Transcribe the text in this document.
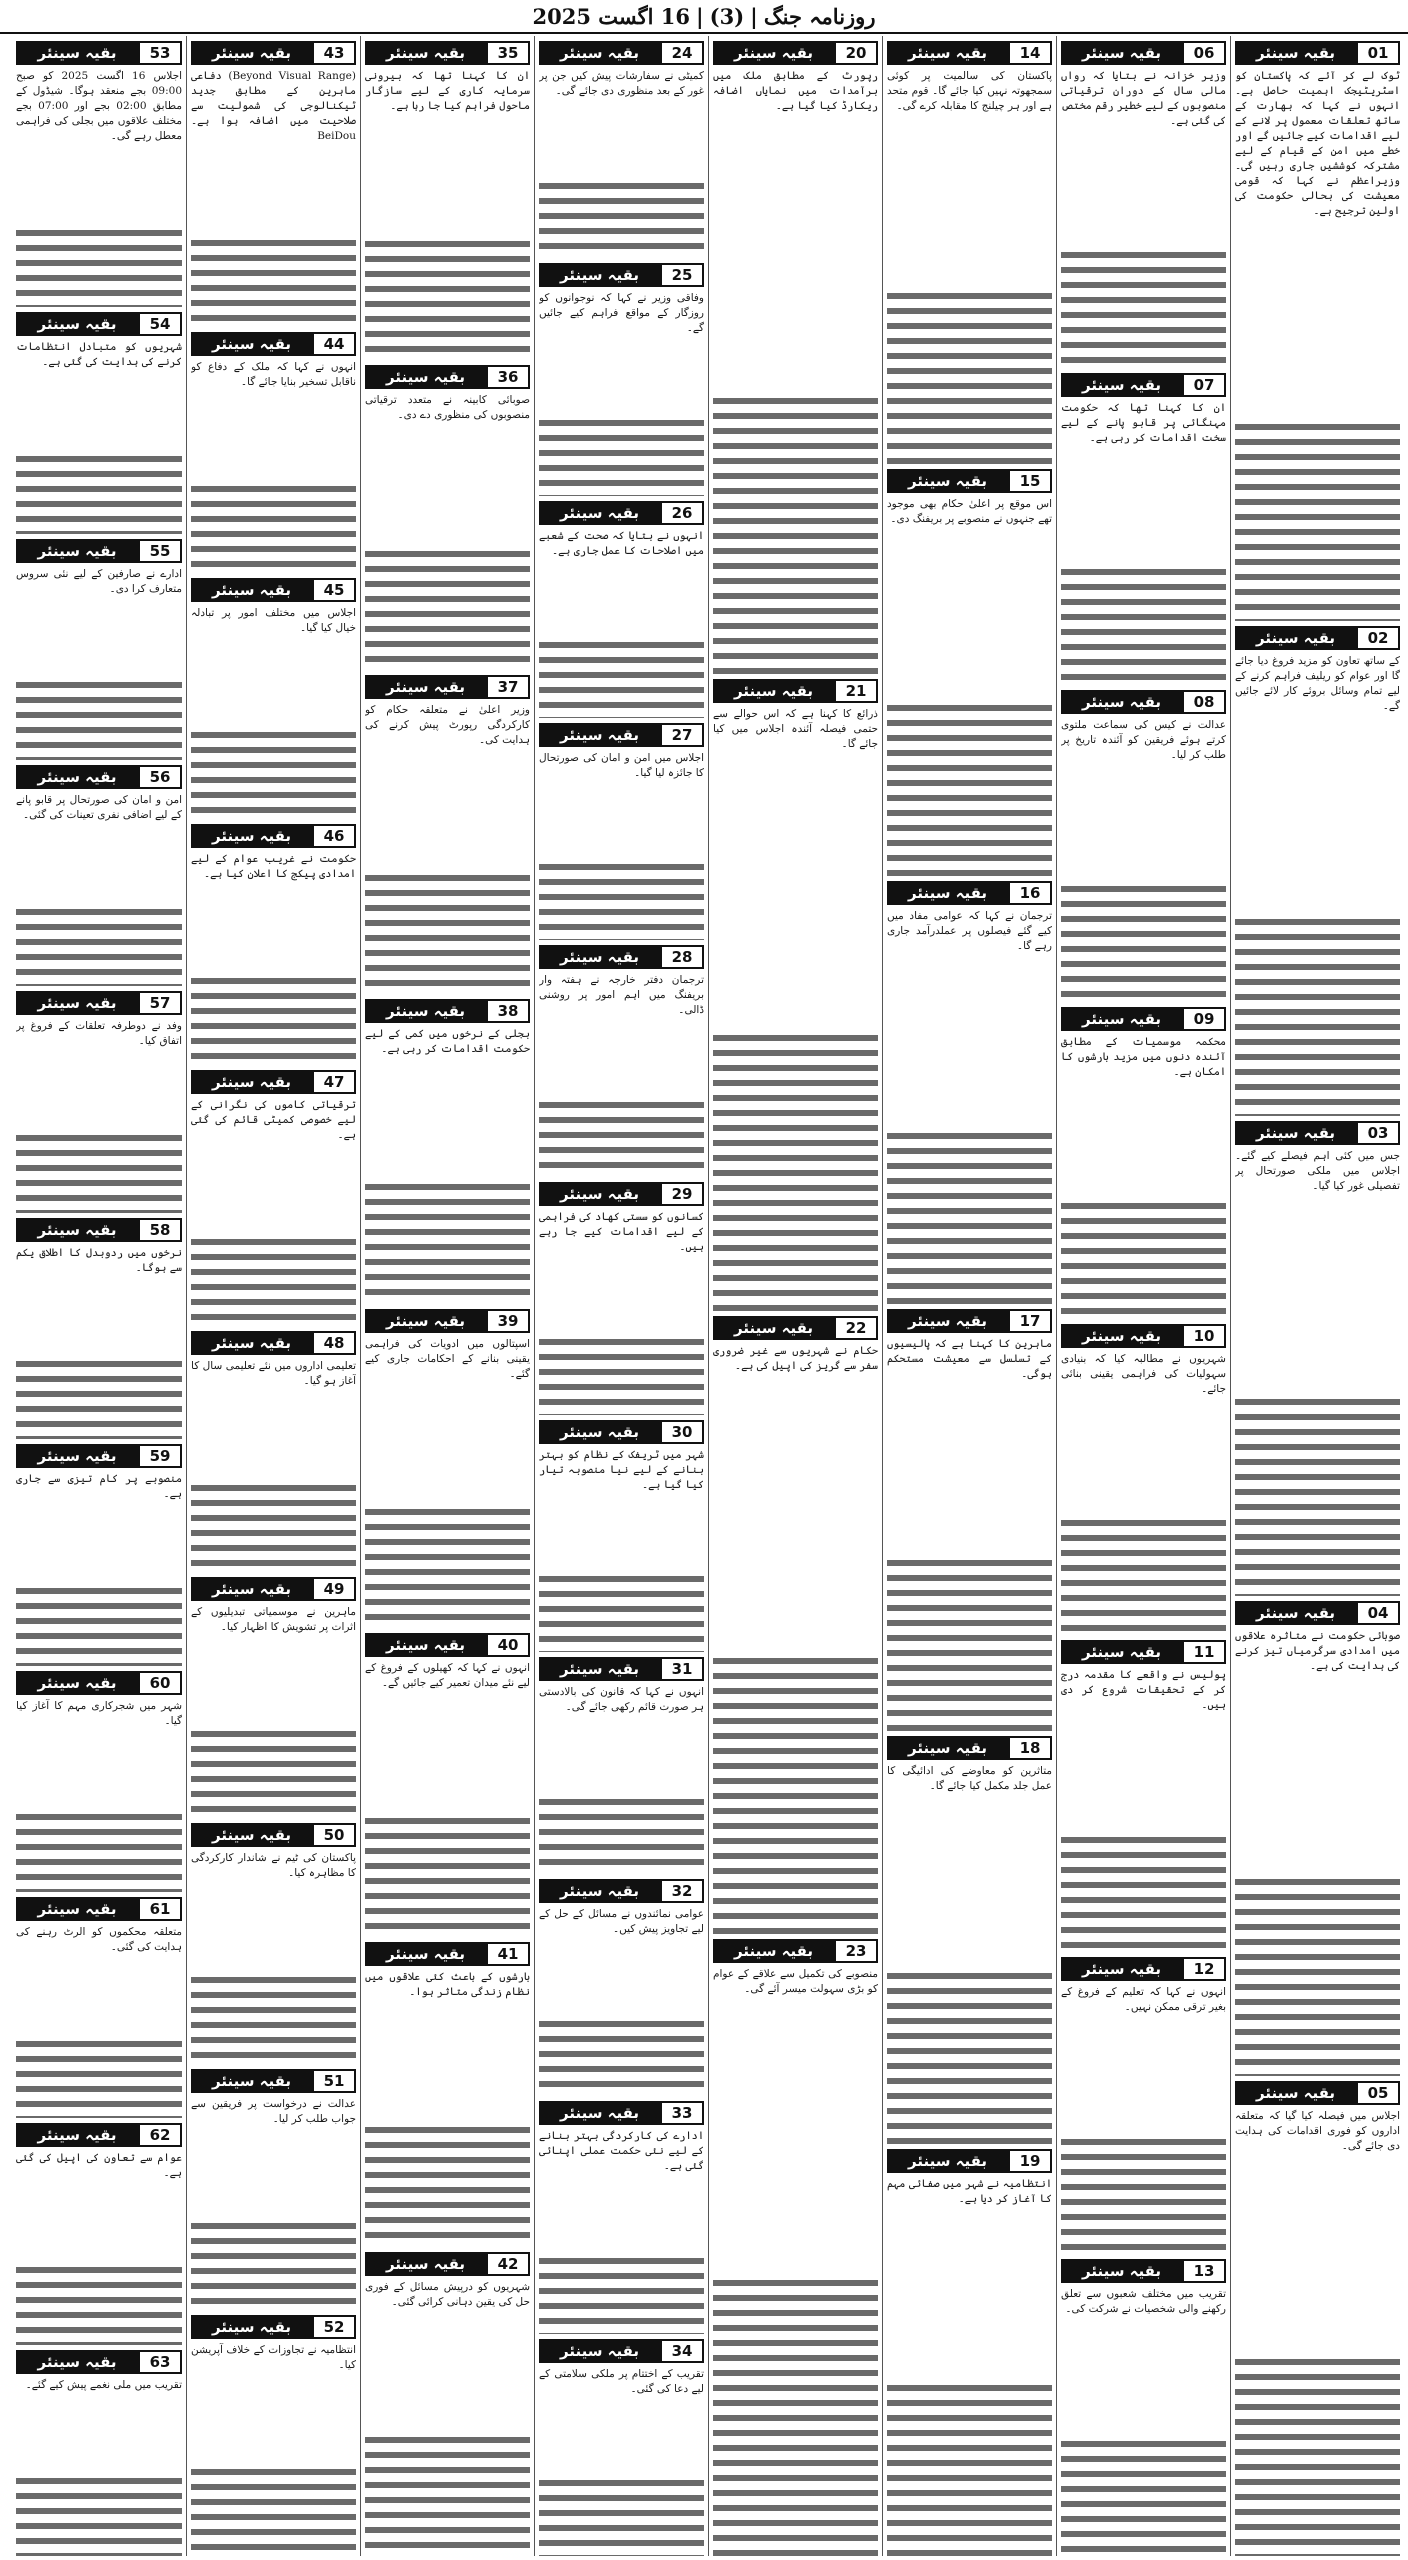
روزنامہ جنگ
|
(3)
|
16 اگست 2025
بقیہ سینئر	01
ٹوک لے کر آئے کہ پاکستان کو اسٹریٹیجک اہمیت حاصل ہے۔ انہوں نے کہا کہ بھارت کے ساتھ تعلقات معمول پر لانے کے لیے اقدامات کیے جائیں گے اور خطے میں امن کے قیام کے لیے مشترکہ کوششیں جاری رہیں گی۔ وزیراعظم نے کہا کہ قومی معیشت کی بحالی حکومت کی اولین ترجیح ہے۔
بقیہ سینئر	02
کے ساتھ تعاون کو مزید فروغ دیا جائے گا اور عوام کو ریلیف فراہم کرنے کے لیے تمام وسائل بروئے کار لائے جائیں گے۔
بقیہ سینئر	03
جس میں کئی اہم فیصلے کیے گئے۔ اجلاس میں ملکی صورتحال پر تفصیلی غور کیا گیا۔
بقیہ سینئر	04
صوبائی حکومت نے متاثرہ علاقوں میں امدادی سرگرمیاں تیز کرنے کی ہدایت کی ہے۔
بقیہ سینئر	05
اجلاس میں فیصلہ کیا گیا کہ متعلقہ اداروں کو فوری اقدامات کی ہدایت دی جائے گی۔
بقیہ سینئر	06
وزیر خزانہ نے بتایا کہ رواں مالی سال کے دوران ترقیاتی منصوبوں کے لیے خطیر رقم مختص کی گئی ہے۔
بقیہ سینئر	07
ان کا کہنا تھا کہ حکومت مہنگائی پر قابو پانے کے لیے سخت اقدامات کر رہی ہے۔
بقیہ سینئر	08
عدالت نے کیس کی سماعت ملتوی کرتے ہوئے فریقین کو آئندہ تاریخ پر طلب کر لیا۔
بقیہ سینئر	09
محکمہ موسمیات کے مطابق آئندہ دنوں میں مزید بارشوں کا امکان ہے۔
بقیہ سینئر	10
شہریوں نے مطالبہ کیا کہ بنیادی سہولیات کی فراہمی یقینی بنائی جائے۔
بقیہ سینئر	11
پولیس نے واقعے کا مقدمہ درج کر کے تحقیقات شروع کر دی ہیں۔
بقیہ سینئر	12
انہوں نے کہا کہ تعلیم کے فروغ کے بغیر ترقی ممکن نہیں۔
بقیہ سینئر	13
تقریب میں مختلف شعبوں سے تعلق رکھنے والی شخصیات نے شرکت کی۔
بقیہ سینئر	14
پاکستان کی سالمیت پر کوئی سمجھوتہ نہیں کیا جائے گا۔ قوم متحد ہے اور ہر چیلنج کا مقابلہ کرے گی۔
بقیہ سینئر	15
اس موقع پر اعلیٰ حکام بھی موجود تھے جنہوں نے منصوبے پر بریفنگ دی۔
بقیہ سینئر	16
ترجمان نے کہا کہ عوامی مفاد میں کیے گئے فیصلوں پر عملدرآمد جاری رہے گا۔
بقیہ سینئر	17
ماہرین کا کہنا ہے کہ پالیسیوں کے تسلسل سے معیشت مستحکم ہوگی۔
بقیہ سینئر	18
متاثرین کو معاوضے کی ادائیگی کا عمل جلد مکمل کیا جائے گا۔
بقیہ سینئر	19
انتظامیہ نے شہر میں صفائی مہم کا آغاز کر دیا ہے۔
بقیہ سینئر	20
رپورٹ کے مطابق ملک میں برآمدات میں نمایاں اضافہ ریکارڈ کیا گیا ہے۔
بقیہ سینئر	21
ذرائع کا کہنا ہے کہ اس حوالے سے حتمی فیصلہ آئندہ اجلاس میں کیا جائے گا۔
بقیہ سینئر	22
حکام نے شہریوں سے غیر ضروری سفر سے گریز کی اپیل کی ہے۔
بقیہ سینئر	23
منصوبے کی تکمیل سے علاقے کے عوام کو بڑی سہولت میسر آئے گی۔
بقیہ سینئر	24
کمیٹی نے سفارشات پیش کیں جن پر غور کے بعد منظوری دی جائے گی۔
بقیہ سینئر	25
وفاقی وزیر نے کہا کہ نوجوانوں کو روزگار کے مواقع فراہم کیے جائیں گے۔
بقیہ سینئر	26
انہوں نے بتایا کہ صحت کے شعبے میں اصلاحات کا عمل جاری ہے۔
بقیہ سینئر	27
اجلاس میں امن و امان کی صورتحال کا جائزہ لیا گیا۔
بقیہ سینئر	28
ترجمان دفتر خارجہ نے ہفتہ وار بریفنگ میں اہم امور پر روشنی ڈالی۔
بقیہ سینئر	29
کسانوں کو سستی کھاد کی فراہمی کے لیے اقدامات کیے جا رہے ہیں۔
بقیہ سینئر	30
شہر میں ٹریفک کے نظام کو بہتر بنانے کے لیے نیا منصوبہ تیار کیا گیا ہے۔
بقیہ سینئر	31
انہوں نے کہا کہ قانون کی بالادستی ہر صورت قائم رکھی جائے گی۔
بقیہ سینئر	32
عوامی نمائندوں نے مسائل کے حل کے لیے تجاویز پیش کیں۔
بقیہ سینئر	33
ادارے کی کارکردگی بہتر بنانے کے لیے نئی حکمت عملی اپنائی گئی ہے۔
بقیہ سینئر	34
تقریب کے اختتام پر ملکی سلامتی کے لیے دعا کی گئی۔
بقیہ سینئر	35
ان کا کہنا تھا کہ بیرونی سرمایہ کاری کے لیے سازگار ماحول فراہم کیا جا رہا ہے۔
بقیہ سینئر	36
صوبائی کابینہ نے متعدد ترقیاتی منصوبوں کی منظوری دے دی۔
بقیہ سینئر	37
وزیر اعلیٰ نے متعلقہ حکام کو کارکردگی رپورٹ پیش کرنے کی ہدایت کی۔
بقیہ سینئر	38
بجلی کے نرخوں میں کمی کے لیے حکومت اقدامات کر رہی ہے۔
بقیہ سینئر	39
اسپتالوں میں ادویات کی فراہمی یقینی بنانے کے احکامات جاری کیے گئے۔
بقیہ سینئر	40
انہوں نے کہا کہ کھیلوں کے فروغ کے لیے نئے میدان تعمیر کیے جائیں گے۔
بقیہ سینئر	41
بارشوں کے باعث کئی علاقوں میں نظام زندگی متاثر ہوا۔
بقیہ سینئر	42
شہریوں کو درپیش مسائل کے فوری حل کی یقین دہانی کرائی گئی۔
بقیہ سینئر	43
(Beyond Visual Range) دفاعی ماہرین کے مطابق جدید ٹیکنالوجی کی شمولیت سے صلاحیت میں اضافہ ہوا ہے۔ BeiDou
بقیہ سینئر	44
انہوں نے کہا کہ ملک کے دفاع کو ناقابل تسخیر بنایا جائے گا۔
بقیہ سینئر	45
اجلاس میں مختلف امور پر تبادلہ خیال کیا گیا۔
بقیہ سینئر	46
حکومت نے غریب عوام کے لیے امدادی پیکج کا اعلان کیا ہے۔
بقیہ سینئر	47
ترقیاتی کاموں کی نگرانی کے لیے خصوصی کمیٹی قائم کی گئی ہے۔
بقیہ سینئر	48
تعلیمی اداروں میں نئے تعلیمی سال کا آغاز ہو گیا۔
بقیہ سینئر	49
ماہرین نے موسمیاتی تبدیلیوں کے اثرات پر تشویش کا اظہار کیا۔
بقیہ سینئر	50
پاکستان کی ٹیم نے شاندار کارکردگی کا مظاہرہ کیا۔
بقیہ سینئر	51
عدالت نے درخواست پر فریقین سے جواب طلب کر لیا۔
بقیہ سینئر	52
انتظامیہ نے تجاوزات کے خلاف آپریشن کیا۔
بقیہ سینئر	53
اجلاس 16 اگست 2025 کو صبح 09:00 بجے منعقد ہوگا۔ شیڈول کے مطابق 02:00 بجے اور 07:00 بجے مختلف علاقوں میں بجلی کی فراہمی معطل رہے گی۔
بقیہ سینئر	54
شہریوں کو متبادل انتظامات کرنے کی ہدایت کی گئی ہے۔
بقیہ سینئر	55
ادارے نے صارفین کے لیے نئی سروس متعارف کرا دی۔
بقیہ سینئر	56
امن و امان کی صورتحال پر قابو پانے کے لیے اضافی نفری تعینات کی گئی۔
بقیہ سینئر	57
وفد نے دوطرفہ تعلقات کے فروغ پر اتفاق کیا۔
بقیہ سینئر	58
نرخوں میں ردوبدل کا اطلاق یکم سے ہوگا۔
بقیہ سینئر	59
منصوبے پر کام تیزی سے جاری ہے۔
بقیہ سینئر	60
شہر میں شجرکاری مہم کا آغاز کیا گیا۔
بقیہ سینئر	61
متعلقہ محکموں کو الرٹ رہنے کی ہدایت کی گئی۔
بقیہ سینئر	62
عوام سے تعاون کی اپیل کی گئی ہے۔
بقیہ سینئر	63
تقریب میں ملی نغمے پیش کیے گئے۔
